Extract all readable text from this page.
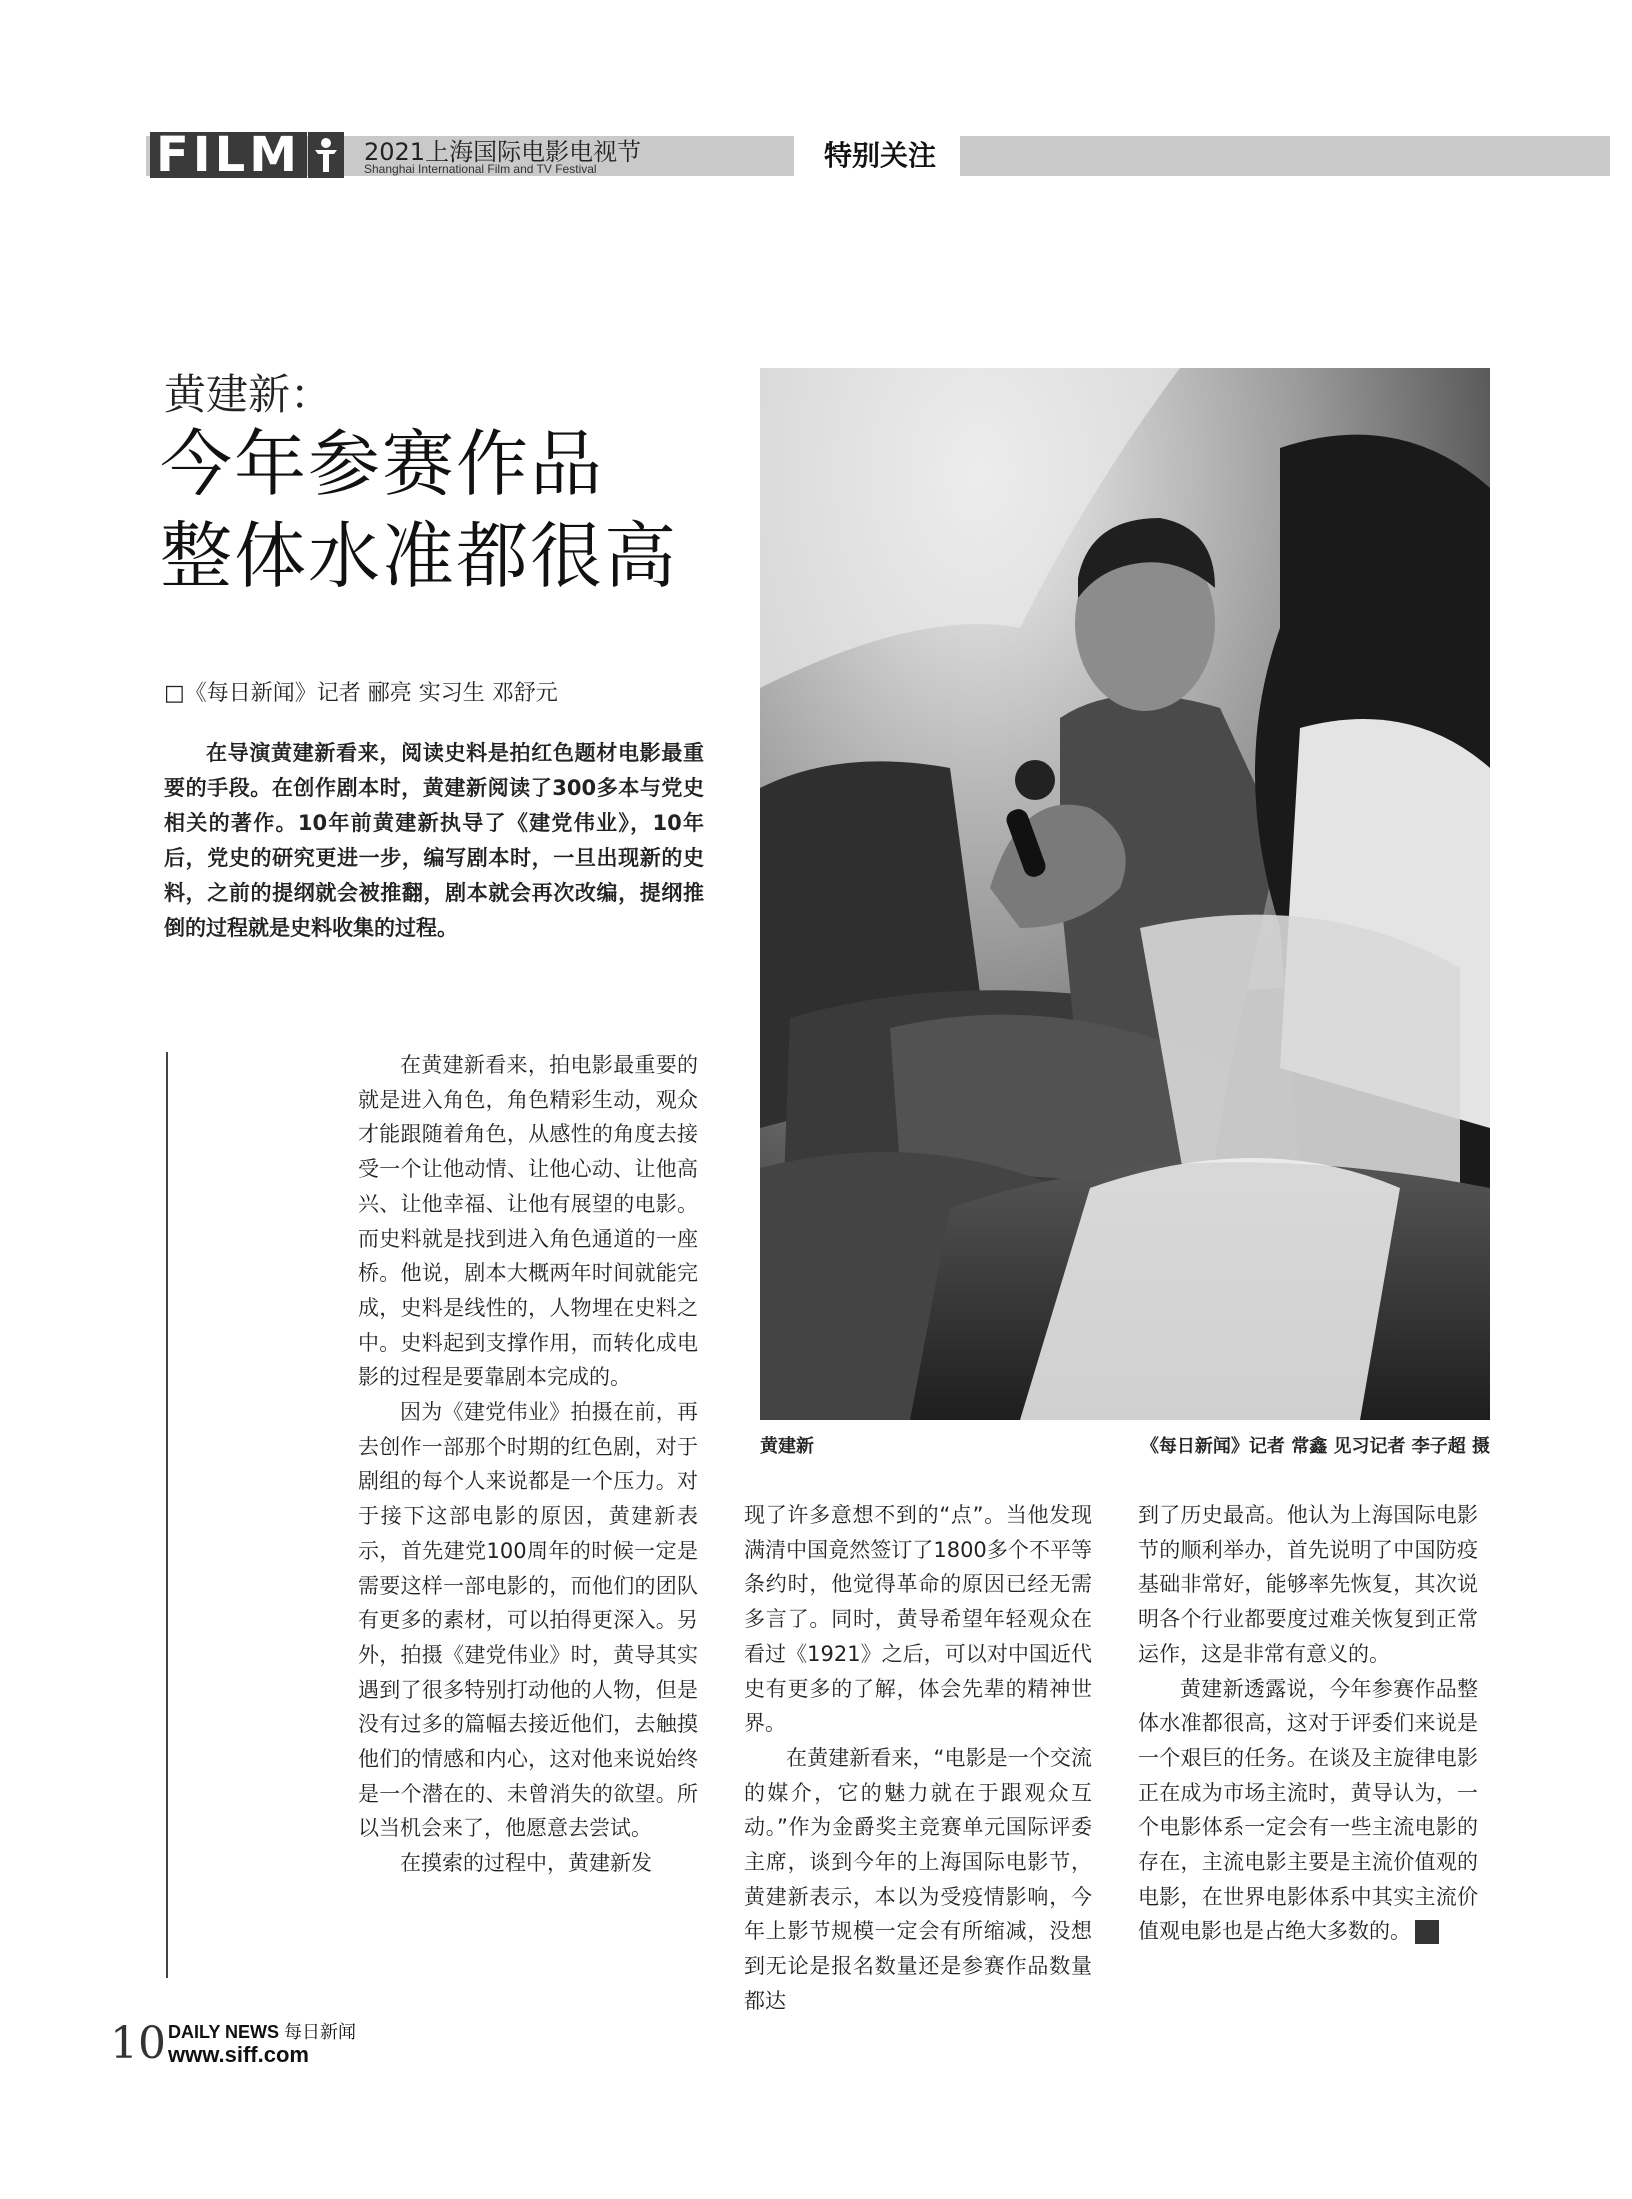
FILM	2021上海国际电影电视节
Shanghai International Film and TV Festival	特别关注
黄建新：
今年参赛作品
整体水准都很高
□《每日新闻》记者 郦亮 实习生 邓舒元
在导演黄建新看来，阅读史料是拍红色题材电影最重要的手段。在创作剧本时，黄建新阅读了300多本与党史相关的著作。10年前黄建新执导了《建党伟业》，10年后，党史的研究更进一步，编写剧本时，一旦出现新的史料，之前的提纲就会被推翻，剧本就会再次改编，提纲推倒的过程就是史料收集的过程。

在黄建新看来，拍电影最重要的就是进入角色，角色精彩生动，观众才能跟随着角色，从感性的角度去接受一个让他动情、让他心动、让他高兴、让他幸福、让他有展望的电影。而史料就是找到进入角色通道的一座桥。他说，剧本大概两年时间就能完成，史料是线性的，人物埋在史料之中。史料起到支撑作用，而转化成电影的过程是要靠剧本完成的。

因为《建党伟业》拍摄在前，再去创作一部那个时期的红色剧，对于剧组的每个人来说都是一个压力。对于接下这部电影的原因，黄建新表示，首先建党100周年的时候一定是需要这样一部电影的，而他们的团队有更多的素材，可以拍得更深入。另外，拍摄《建党伟业》时，黄导其实遇到了很多特别打动他的人物，但是没有过多的篇幅去接近他们，去触摸他们的情感和内心，这对他来说始终是一个潜在的、未曾消失的欲望。所以当机会来了，他愿意去尝试。

在摸索的过程中，黄建新发

黄建新	《每日新闻》记者 常鑫 见习记者 李子超 摄

现了许多意想不到的“点”。当他发现满清中国竟然签订了1800多个不平等条约时，他觉得革命的原因已经无需多言了。同时，黄导希望年轻观众在看过《1921》之后，可以对中国近代史有更多的了解，体会先辈的精神世界。

在黄建新看来，“电影是一个交流的媒介，它的魅力就在于跟观众互动。”作为金爵奖主竞赛单元国际评委主席，谈到今年的上海国际电影节，黄建新表示，本以为受疫情影响，今年上影节规模一定会有所缩减，没想到无论是报名数量还是参赛作品数量都达

到了历史最高。他认为上海国际电影节的顺利举办，首先说明了中国防疫基础非常好，能够率先恢复，其次说明各个行业都要度过难关恢复到正常运作，这是非常有意义的。

黄建新透露说，今年参赛作品整体水准都很高，这对于评委们来说是一个艰巨的任务。在谈及主旋律电影正在成为市场主流时，黄导认为，一个电影体系一定会有一些主流电影的存在，主流电影主要是主流价值观的电影，在世界电影体系中其实主流价值观电影也是占绝大多数的。

10 DAILY NEWS 每日新闻
www.siff.com
